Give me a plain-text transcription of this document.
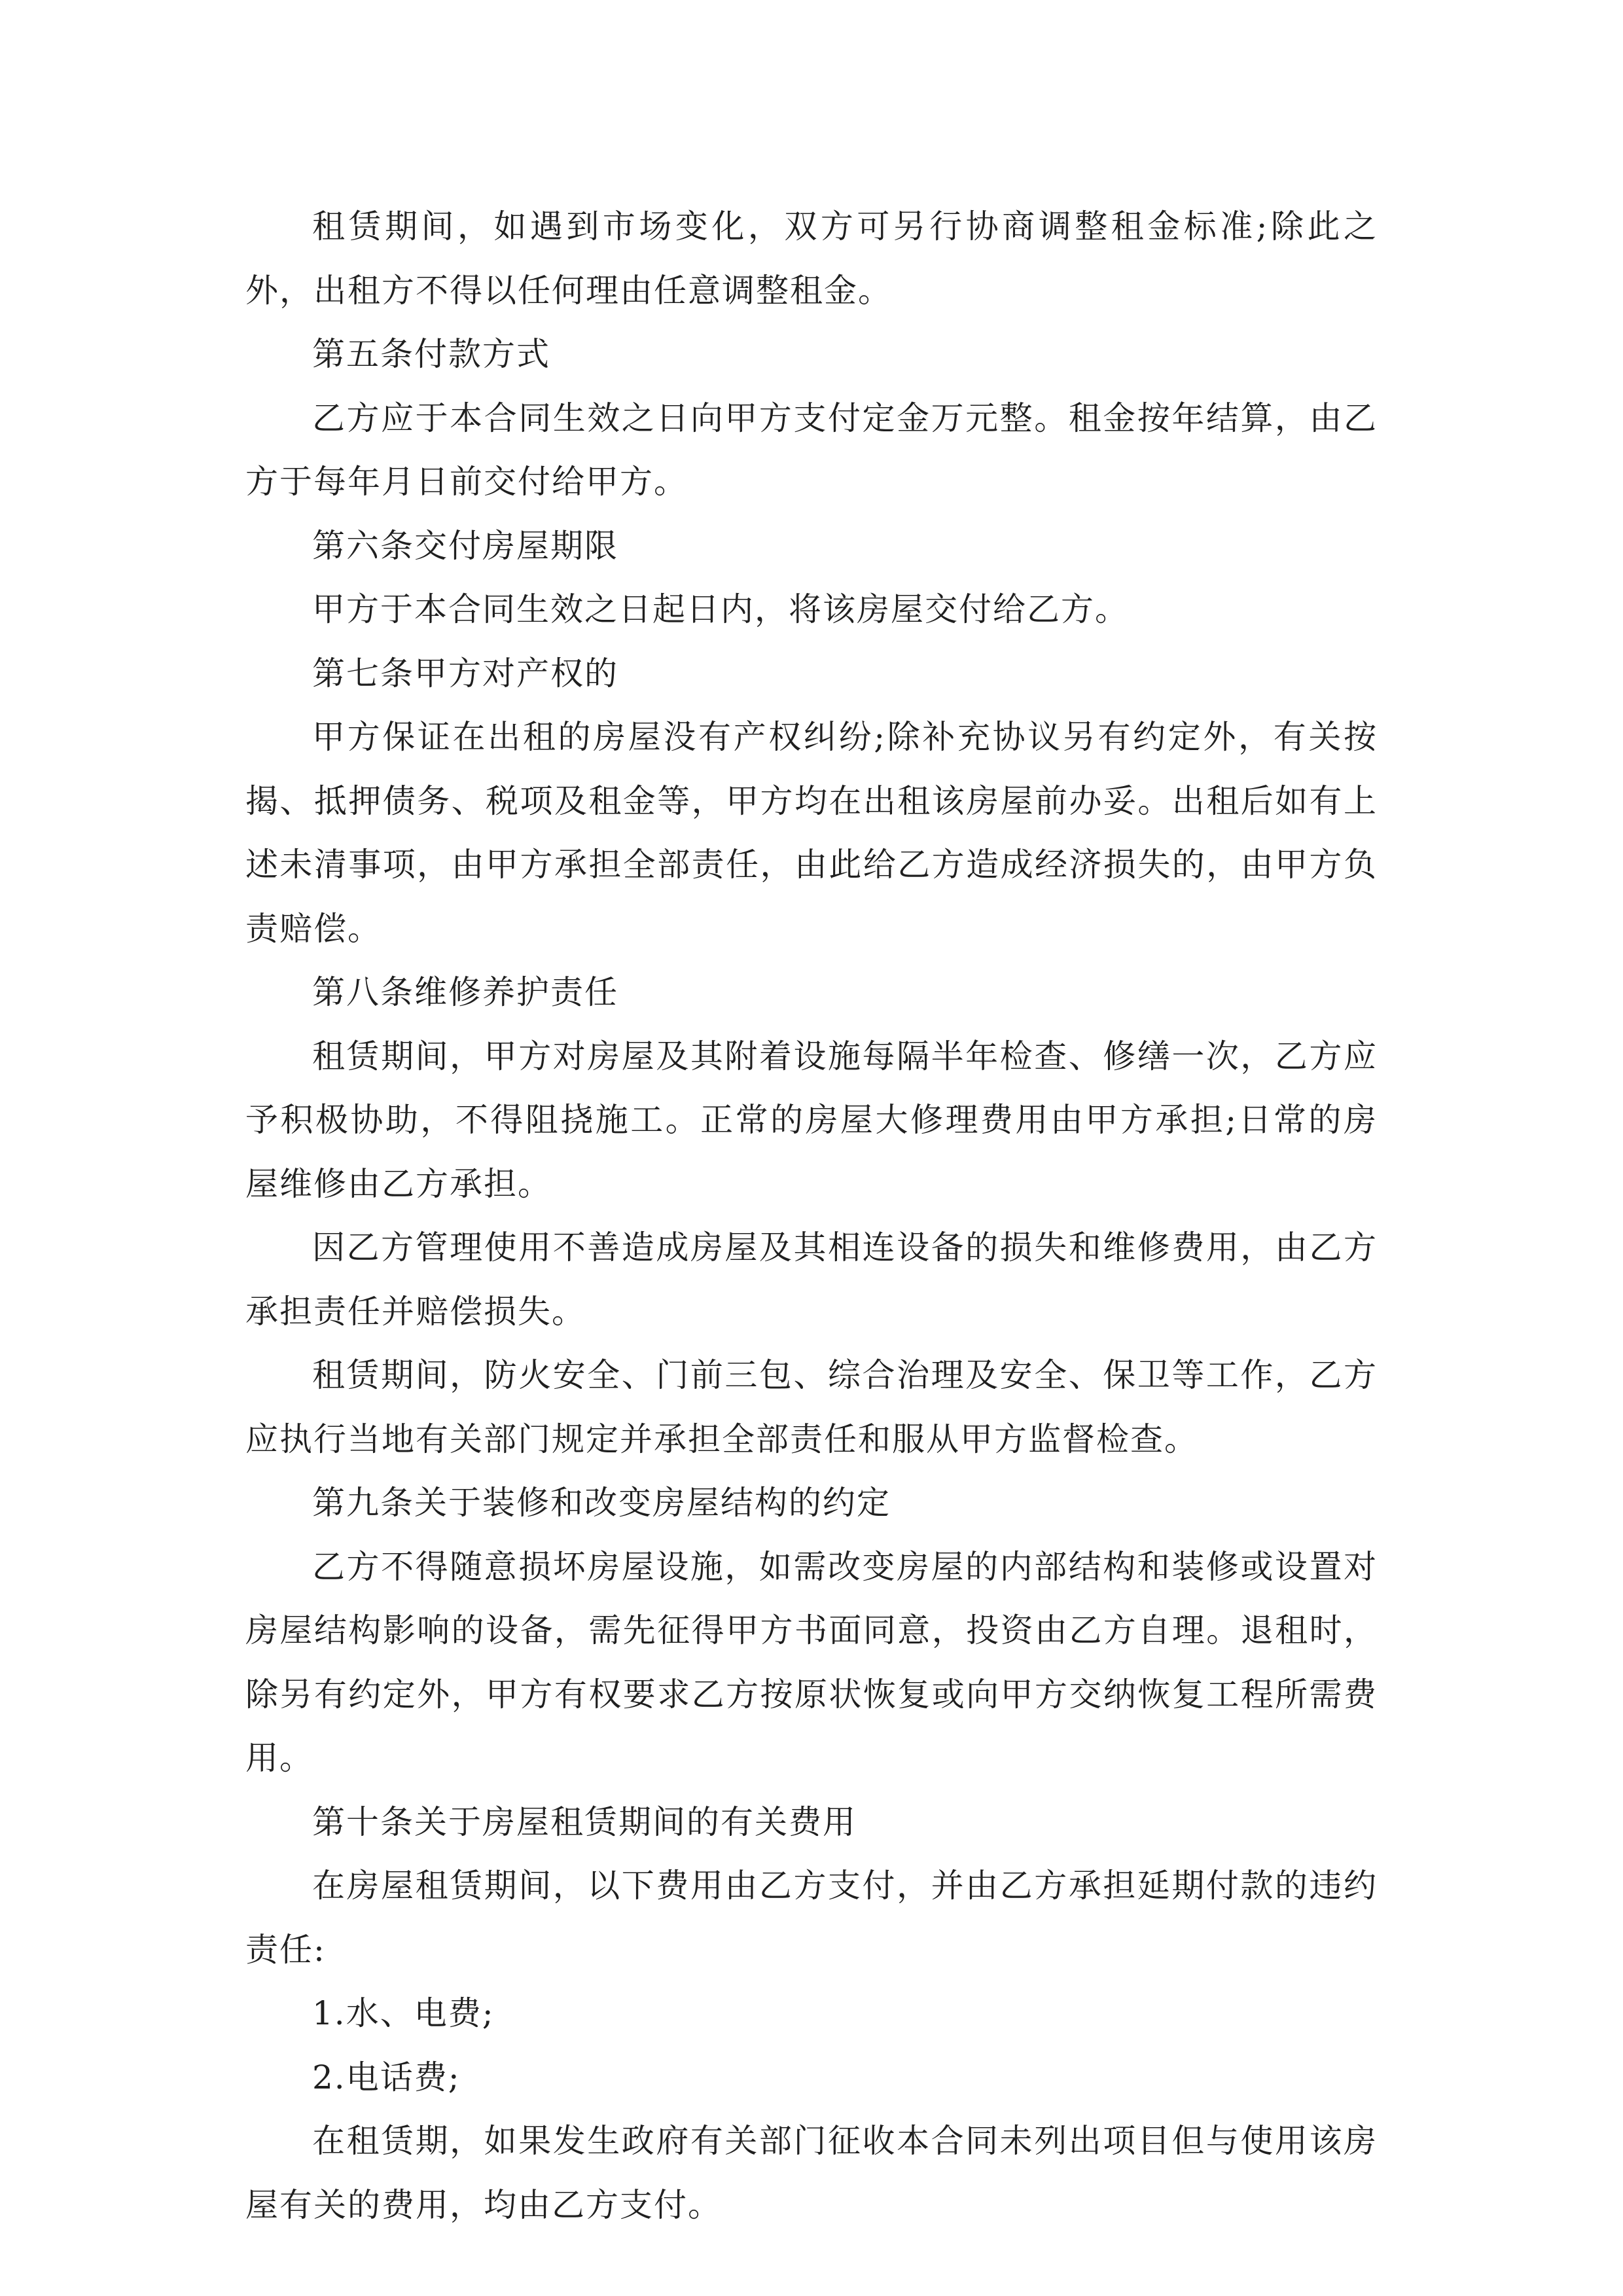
租赁期间，如遇到市场变化，双方可另行协商调整租金标准;除此之外，出租方不得以任何理由任意调整租金。

第五条付款方式

乙方应于本合同生效之日向甲方支付定金万元整。租金按年结算，由乙方于每年月日前交付给甲方。

第六条交付房屋期限

甲方于本合同生效之日起日内，将该房屋交付给乙方。

第七条甲方对产权的

甲方保证在出租的房屋没有产权纠纷;除补充协议另有约定外，有关按揭、抵押债务、税项及租金等，甲方均在出租该房屋前办妥。出租后如有上述未清事项，由甲方承担全部责任，由此给乙方造成经济损失的，由甲方负责赔偿。

第八条维修养护责任

租赁期间，甲方对房屋及其附着设施每隔半年检查、修缮一次，乙方应予积极协助，不得阻挠施工。正常的房屋大修理费用由甲方承担;日常的房屋维修由乙方承担。

因乙方管理使用不善造成房屋及其相连设备的损失和维修费用，由乙方承担责任并赔偿损失。

租赁期间，防火安全、门前三包、综合治理及安全、保卫等工作，乙方应执行当地有关部门规定并承担全部责任和服从甲方监督检查。

第九条关于装修和改变房屋结构的约定

乙方不得随意损坏房屋设施，如需改变房屋的内部结构和装修或设置对房屋结构影响的设备，需先征得甲方书面同意，投资由乙方自理。退租时，除另有约定外，甲方有权要求乙方按原状恢复或向甲方交纳恢复工程所需费用。

第十条关于房屋租赁期间的有关费用

在房屋租赁期间，以下费用由乙方支付，并由乙方承担延期付款的违约责任:

1.水、电费;

2.电话费;

在租赁期，如果发生政府有关部门征收本合同未列出项目但与使用该房屋有关的费用，均由乙方支付。
